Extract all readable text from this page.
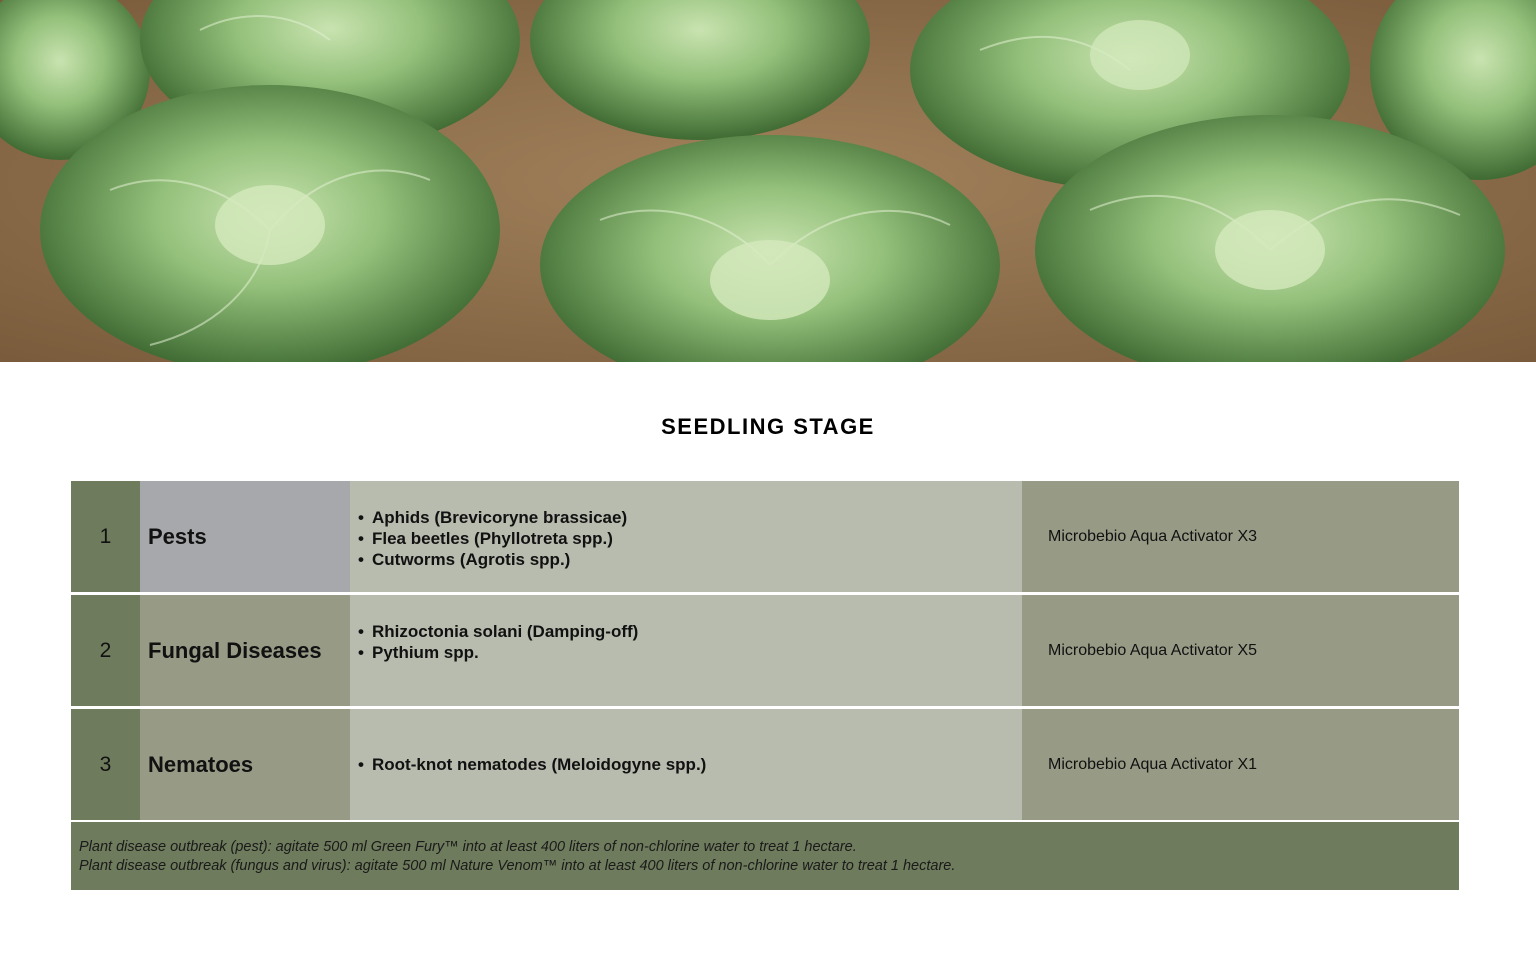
SEEDLING STAGE
1	Pests
• Aphids (Brevicoryne brassicae)
• Flea beetles (Phyllotreta spp.)
• Cutworms (Agrotis spp.)
Microbebio Aqua Activator X3
2	Fungal Diseases
• Rhizoctonia solani (Damping-off)
• Pythium spp.	Microbebio Aqua Activator X5
3	Nematoes
•	Root-knot nematodes (Meloidogyne spp.)	Microbebio Aqua Activator X1
Plant disease outbreak (pest): agitate 500 ml Green Fury™ into at least 400 liters of non-chlorine water to treat 1 hectare.
Plant disease outbreak (fungus and virus): agitate 500 ml Nature Venom™ into at least 400 liters of non-chlorine water to treat 1 hectare.
